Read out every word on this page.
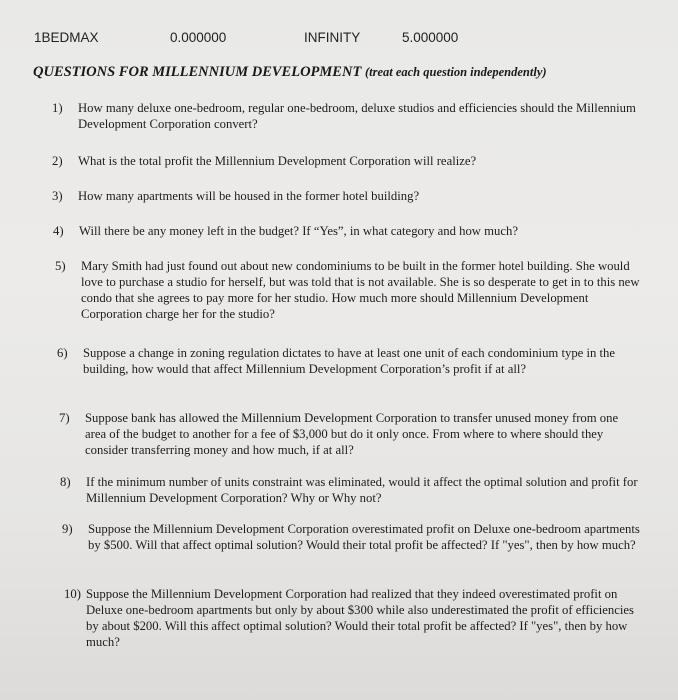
1BEDMAX	0.000000	INFINITY	5.000000
QUESTIONS FOR MILLENNIUM DEVELOPMENT (treat each question independently)
1) How many deluxe one-bedroom, regular one-bedroom, deluxe studios and efficiencies should the Millennium Development Corporation convert?
2) What is the total profit the Millennium Development Corporation will realize?
3) How many apartments will be housed in the former hotel building?
4) Will there be any money left in the budget? If “Yes”, in what category and how much?
5) Mary Smith had just found out about new condominiums to be built in the former hotel building. She would love to purchase a studio for herself, but was told that is not available. She is so desperate to get in to this new condo that she agrees to pay more for her studio. How much more should Millennium Development Corporation charge her for the studio?
6) Suppose a change in zoning regulation dictates to have at least one unit of each condominium type in the building, how would that affect Millennium Development Corporation’s profit if at all?
7) Suppose bank has allowed the Millennium Development Corporation to transfer unused money from one area of the budget to another for a fee of $3,000 but do it only once. From where to where should they consider transferring money and how much, if at all?
8) If the minimum number of units constraint was eliminated, would it affect the optimal solution and profit for Millennium Development Corporation? Why or Why not?
9) Suppose the Millennium Development Corporation overestimated profit on Deluxe one-bedroom apartments by $500. Will that affect optimal solution? Would their total profit be affected? If "yes", then by how much?
10) Suppose the Millennium Development Corporation had realized that they indeed overestimated profit on Deluxe one-bedroom apartments but only by about $300 while also underestimated the profit of efficiencies by about $200. Will this affect optimal solution? Would their total profit be affected? If "yes", then by how much?
